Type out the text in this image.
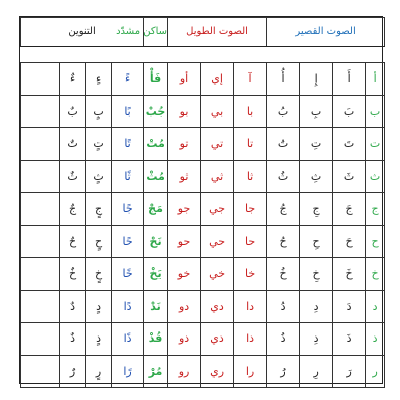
الصوت القصير				الصوت الطويل			ساكن مشدّد	التنوين			

أ	أَ	إِ	أُ	آ	إي	أو	فَأْ	ءً	ءٍ	ءٌ	
ب	بَ	بِ	بُ	با	بي	بو	جُبْ	بًا	بٍ	بٌ	
ت	تَ	تِ	تُ	تا	تي	تو	مُتْ	تًا	تٍ	تٌ	
ث	ثَ	ثِ	ثُ	ثا	ثي	ثو	مُثْ	ثًا	ثٍ	ثٌ	
ج	جَ	جِ	جُ	جا	جي	جو	مَجْ	جًا	جٍ	جٌ	
ح	حَ	حِ	حُ	حا	حي	حو	نَحْ	حًا	حٍ	حٌ	
خ	خَ	خِ	خُ	خا	خي	خو	يَخْ	خًا	خٍ	خٌ	
د	دَ	دِ	دُ	دا	دي	دو	نَدْ	دًا	دٍ	دٌ	
ذ	ذَ	ذِ	ذُ	ذا	ذي	ذو	قُذْ	ذًا	ذٍ	ذٌ	
ر	رَ	رِ	رُ	را	ري	رو	مُرْ	رًا	رٍ	رٌ	
